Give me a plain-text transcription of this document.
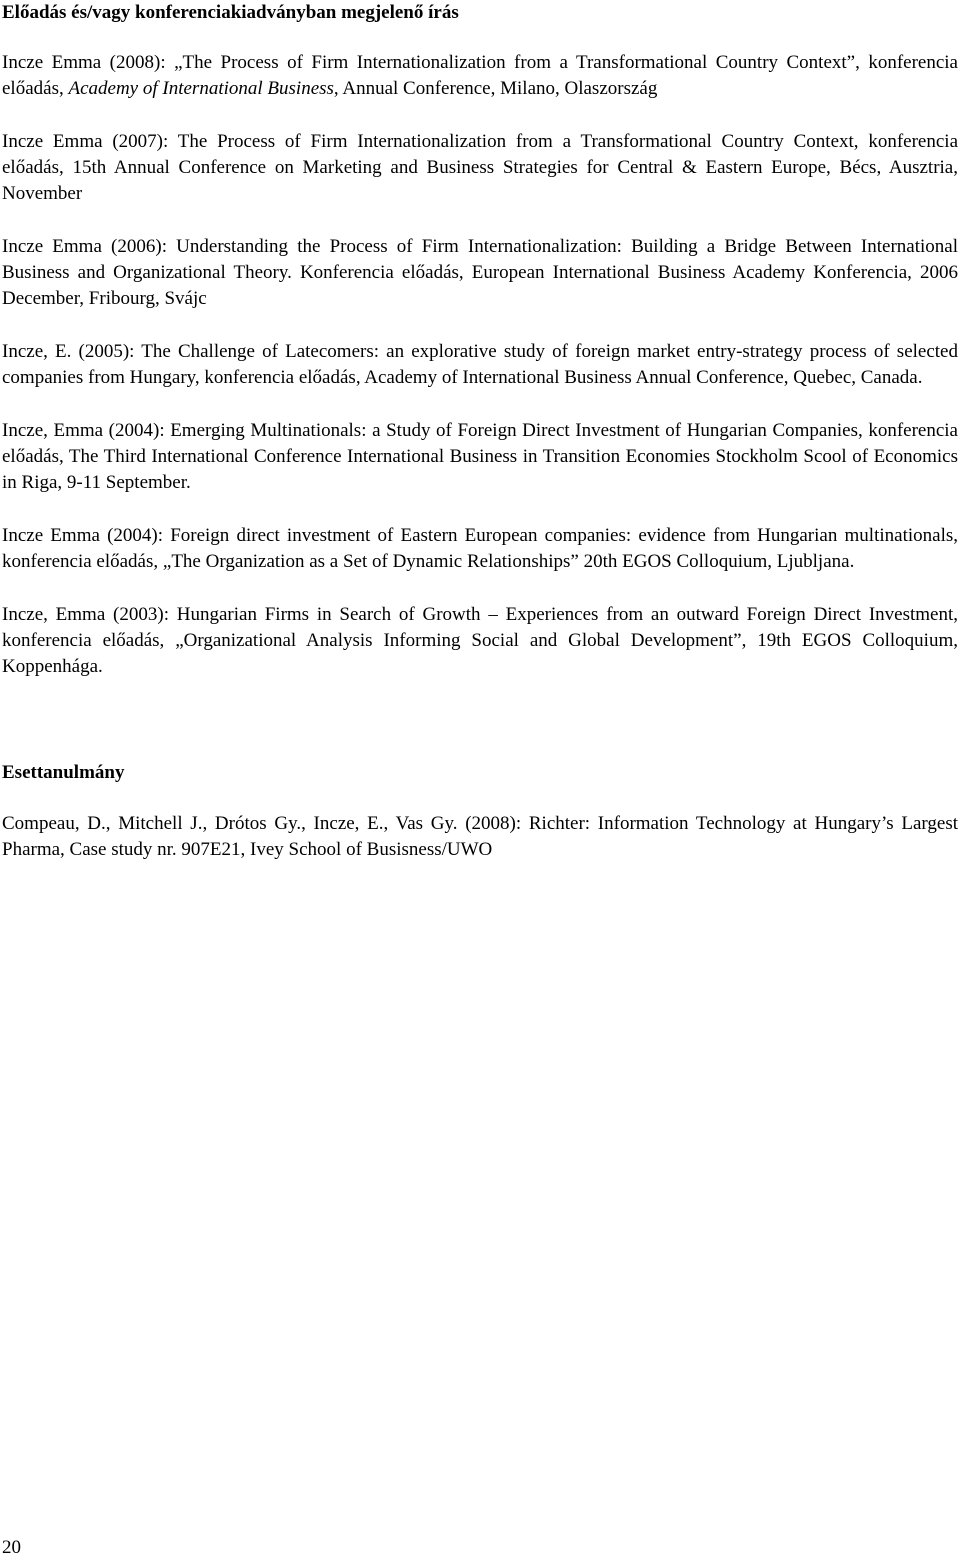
Előadás és/vagy konferenciakiadványban megjelenő írás

Incze Emma (2008): „The Process of Firm Internationalization from a Transformational Country Context”, konferencia előadás, Academy of International Business, Annual Conference, Milano, Olaszország

Incze Emma (2007): The Process of Firm Internationalization from a Transformational Country Context, konferencia előadás, 15th Annual Conference on Marketing and Business Strategies for Central & Eastern Europe, Bécs, Ausztria, November

Incze Emma (2006): Understanding the Process of Firm Internationalization: Building a Bridge Between International Business and Organizational Theory. Konferencia előadás, European International Business Academy Konferencia, 2006 December, Fribourg, Svájc

Incze, E. (2005): The Challenge of Latecomers: an explorative study of foreign market entry-strategy process of selected companies from Hungary, konferencia előadás, Academy of International Business Annual Conference, Quebec, Canada.

Incze, Emma (2004): Emerging Multinationals: a Study of Foreign Direct Investment of Hungarian Companies, konferencia előadás, The Third International Conference International Business in Transition Economies Stockholm Scool of Economics in Riga, 9-11 September.

Incze Emma (2004): Foreign direct investment of Eastern European companies: evidence from Hungarian multinationals, konferencia előadás, „The Organization as a Set of Dynamic Relationships” 20th EGOS Colloquium, Ljubljana.

Incze, Emma (2003): Hungarian Firms in Search of Growth – Experiences from an outward Foreign Direct Investment, konferencia előadás, „Organizational Analysis Informing Social and Global Development”, 19th EGOS Colloquium, Koppenhága.

Esettanulmány

Compeau, D., Mitchell J., Drótos Gy., Incze, E., Vas Gy. (2008): Richter: Information Technology at Hungary’s Largest Pharma, Case study nr. 907E21, Ivey School of Busisness/UWO

20
